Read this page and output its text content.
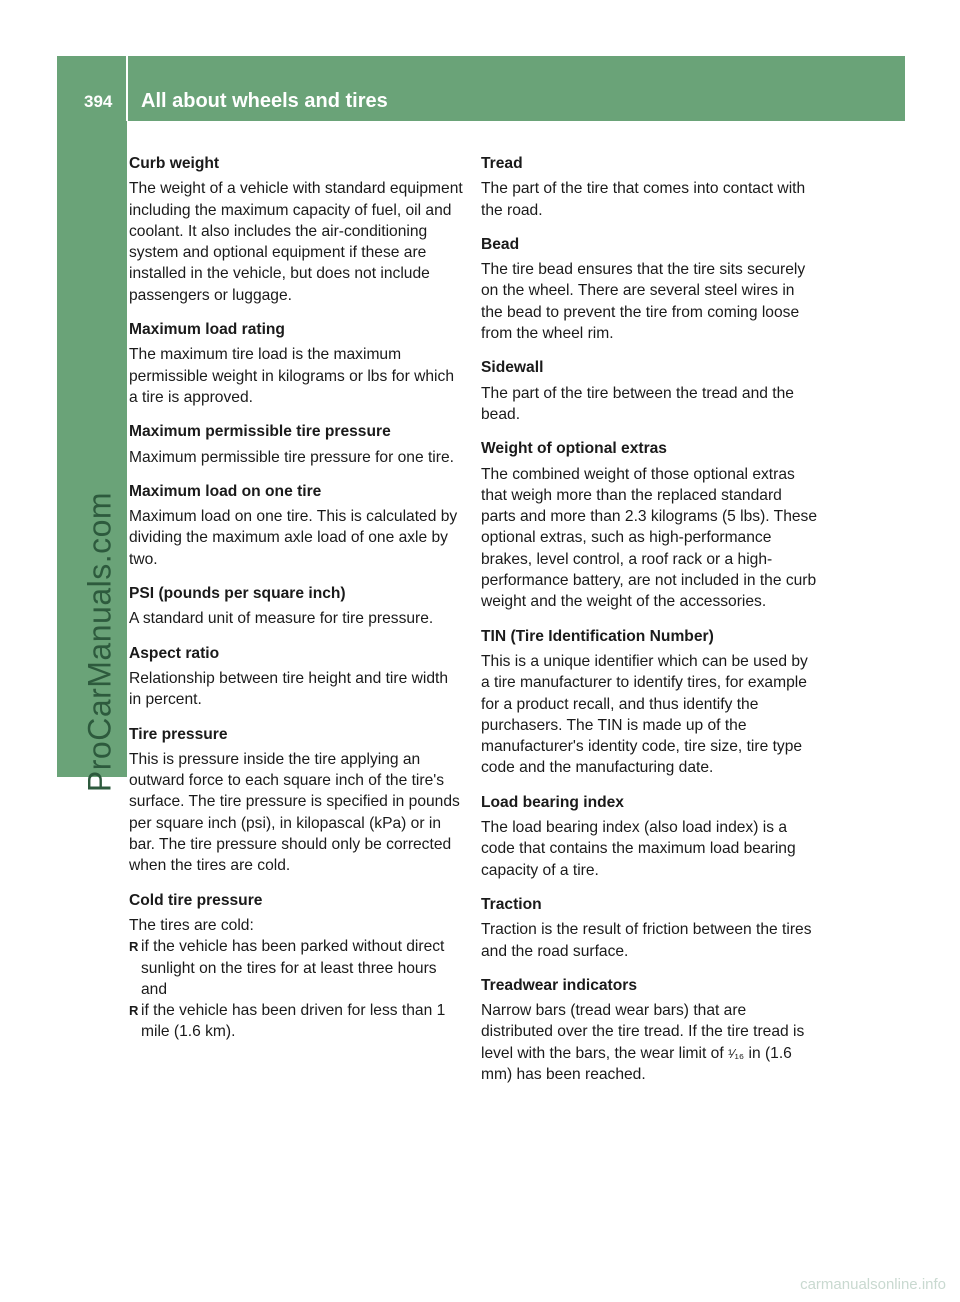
394 All about wheels and tires
ProCarManuals.com
Curb weight

The weight of a vehicle with standard equipment including the maximum capacity of fuel, oil and coolant. It also includes the air-conditioning system and optional equipment if these are installed in the vehicle, but does not include passengers or luggage.

Maximum load rating

The maximum tire load is the maximum permissible weight in kilograms or lbs for which a tire is approved.

Maximum permissible tire pressure

Maximum permissible tire pressure for one tire.

Maximum load on one tire

Maximum load on one tire. This is calculated by dividing the maximum axle load of one axle by two.

PSI (pounds per square inch)

A standard unit of measure for tire pressure.

Aspect ratio

Relationship between tire height and tire width in percent.

Tire pressure

This is pressure inside the tire applying an outward force to each square inch of the tire's surface. The tire pressure is specified in pounds per square inch (psi), in kilopascal (kPa) or in bar. The tire pressure should only be corrected when the tires are cold.

Cold tire pressure

The tires are cold:

R if the vehicle has been parked without direct sunlight on the tires for at least three hours and
R if the vehicle has been driven for less than 1 mile (1.6 km).
Tread

The part of the tire that comes into contact with the road.

Bead

The tire bead ensures that the tire sits securely on the wheel. There are several steel wires in the bead to prevent the tire from coming loose from the wheel rim.

Sidewall

The part of the tire between the tread and the bead.

Weight of optional extras

The combined weight of those optional extras that weigh more than the replaced standard parts and more than 2.3 kilograms (5 lbs). These optional extras, such as high-performance brakes, level control, a roof rack or a high-performance battery, are not included in the curb weight and the weight of the accessories.

TIN (Tire Identification Number)

This is a unique identifier which can be used by a tire manufacturer to identify tires, for example for a product recall, and thus identify the purchasers. The TIN is made up of the manufacturer's identity code, tire size, tire type code and the manufacturing date.

Load bearing index

The load bearing index (also load index) is a code that contains the maximum load bearing capacity of a tire.

Traction

Traction is the result of friction between the tires and the road surface.

Treadwear indicators

Narrow bars (tread wear bars) that are distributed over the tire tread. If the tire tread is level with the bars, the wear limit of ¹⁄₁₆ in (1.6 mm) has been reached.

carmanualsonline.info
